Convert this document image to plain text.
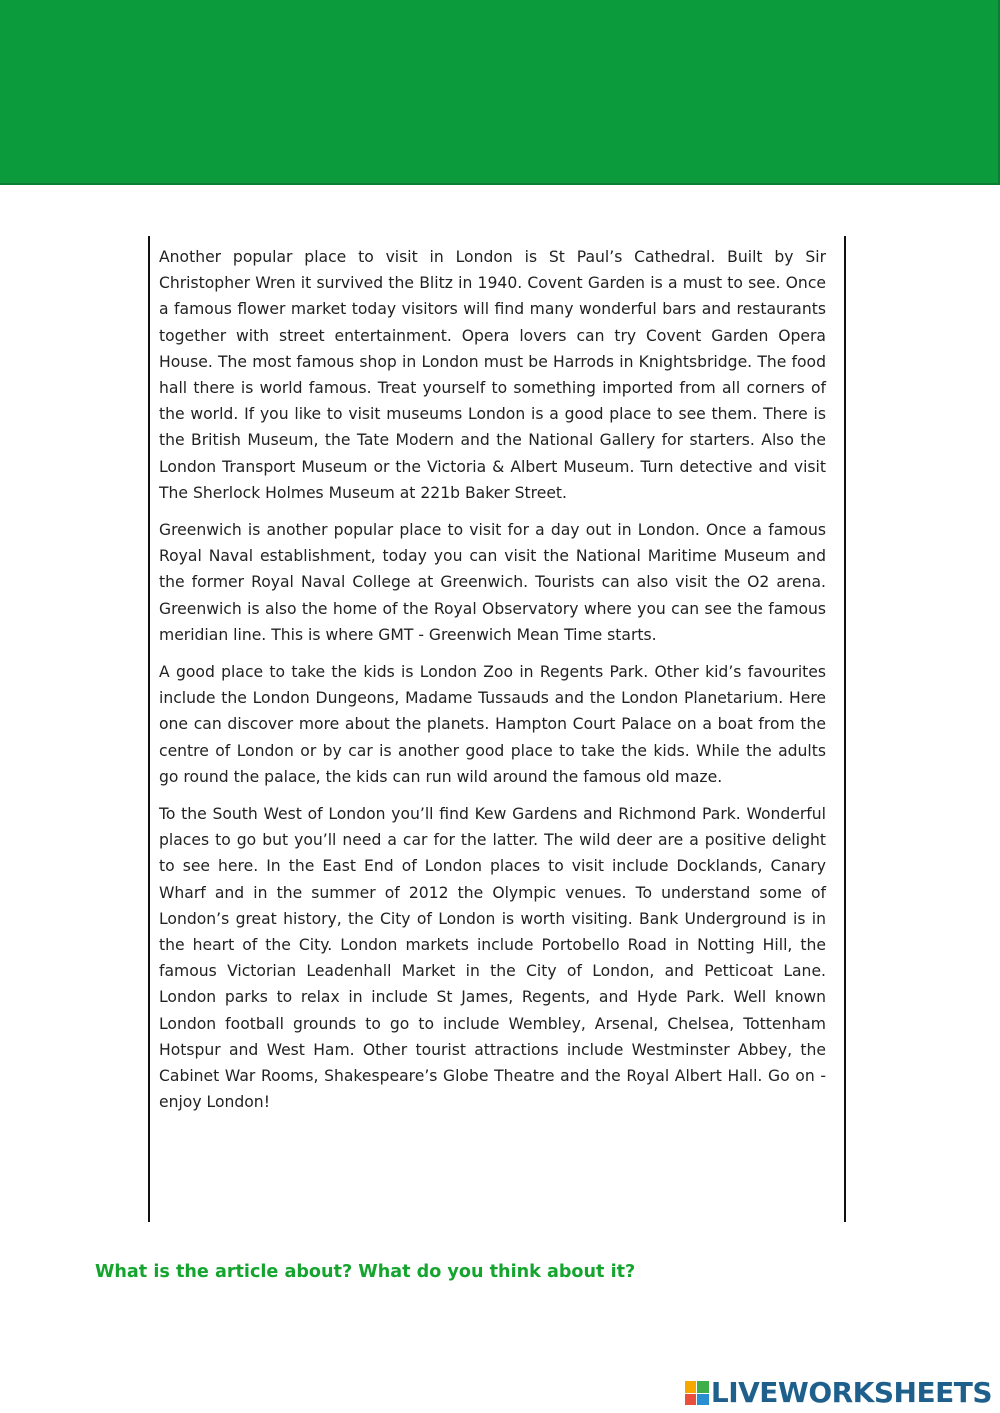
Another popular place to visit in London is St Paul’s Cathedral. Built by Sir Christopher Wren it survived the Blitz in 1940. Covent Garden is a must to see. Once a famous flower market today visitors will find many wonderful bars and restaurants together with street entertainment. Opera lovers can try Covent Garden Opera House. The most famous shop in London must be Harrods in Knightsbridge. The food hall there is world famous. Treat yourself to something imported from all corners of the world. If you like to visit museums London is a good place to see them. There is the British Museum, the Tate Modern and the National Gallery for starters. Also the London Transport Museum or the Victoria & Albert Museum. Turn detective and visit The Sherlock Holmes Museum at 221b Baker Street.

Greenwich is another popular place to visit for a day out in London. Once a famous Royal Naval establishment, today you can visit the National Maritime Museum and the former Royal Naval College at Greenwich. Tourists can also visit the O2 arena. Greenwich is also the home of the Royal Observatory where you can see the famous meridian line. This is where GMT - Greenwich Mean Time starts.

A good place to take the kids is London Zoo in Regents Park. Other kid’s favourites include the London Dungeons, Madame Tussauds and the London Planetarium. Here one can discover more about the planets. Hampton Court Palace on a boat from the centre of London or by car is another good place to take the kids. While the adults go round the palace, the kids can run wild around the famous old maze.

To the South West of London you’ll find Kew Gardens and Richmond Park. Wonderful places to go but you’ll need a car for the latter. The wild deer are a positive delight to see here. In the East End of London places to visit include Docklands, Canary Wharf and in the summer of 2012 the Olympic venues. To understand some of London’s great history, the City of London is worth visiting. Bank Underground is in the heart of the City. London markets include Portobello Road in Notting Hill, the famous Victorian Leadenhall Market in the City of London, and Petticoat Lane. London parks to relax in include St James, Regents, and Hyde Park. Well known London football grounds to go to include Wembley, Arsenal, Chelsea, Tottenham Hotspur and West Ham. Other tourist attractions include Westminster Abbey, the Cabinet War Rooms, Shakespeare’s Globe Theatre and the Royal Albert Hall. Go on - enjoy London!

What is the article about? What do you think about it?

LIVEWORKSHEETS
